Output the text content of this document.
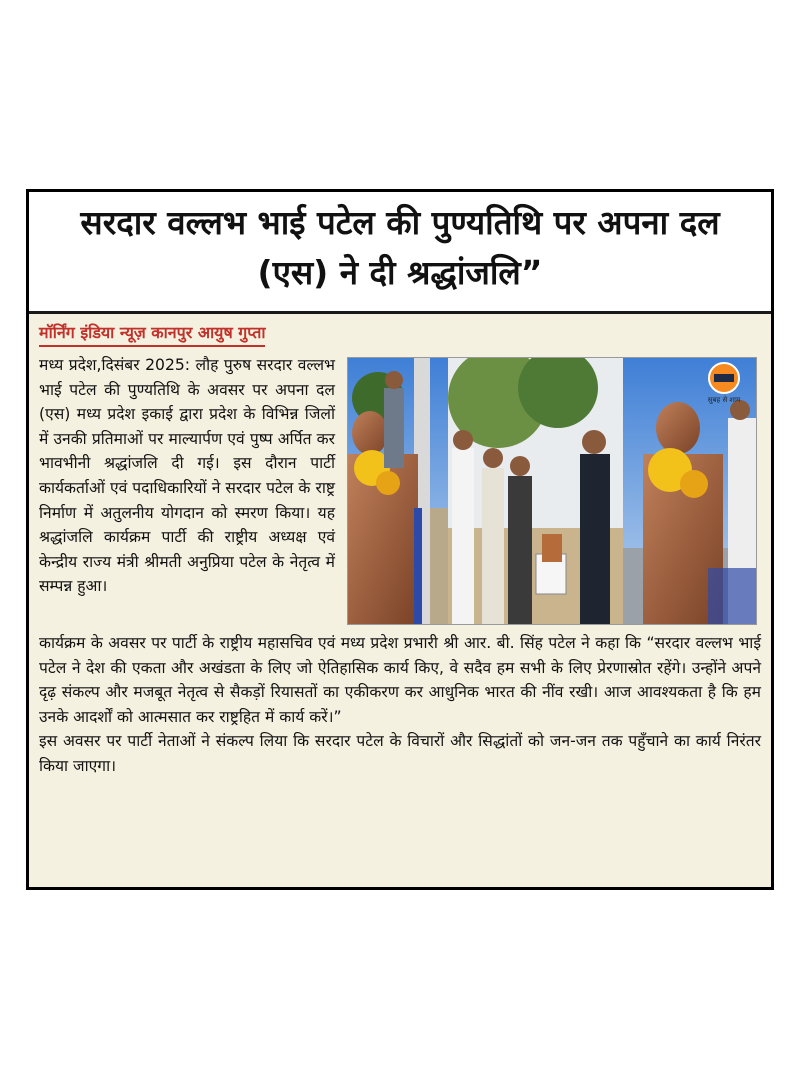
सरदार वल्लभ भाई पटेल की पुण्यतिथि पर अपना दल (एस) ने दी श्रद्धांजलि”
मॉर्निंग इंडिया न्यूज़ कानपुर आयुष गुप्ता
सुबह से शाम

मध्य प्रदेश,दिसंबर 2025: लौह पुरुष सरदार वल्लभ भाई पटेल की पुण्यतिथि के अवसर पर अपना दल (एस) मध्य प्रदेश इकाई द्वारा प्रदेश के विभिन्न जिलों में उनकी प्रतिमाओं पर माल्यार्पण एवं पुष्प अर्पित कर भावभीनी श्रद्धांजलि दी गई। इस दौरान पार्टी कार्यकर्ताओं एवं पदाधिकारियों ने सरदार पटेल के राष्ट्र निर्माण में अतुलनीय योगदान को स्मरण किया। यह श्रद्धांजलि कार्यक्रम पार्टी की राष्ट्रीय अध्यक्ष एवं केन्द्रीय राज्य मंत्री श्रीमती अनुप्रिया पटेल के नेतृत्व में सम्पन्न हुआ।

कार्यक्रम के अवसर पर पार्टी के राष्ट्रीय महासचिव एवं मध्य प्रदेश प्रभारी श्री आर. बी. सिंह पटेल ने कहा कि “सरदार वल्लभ भाई पटेल ने देश की एकता और अखंडता के लिए जो ऐतिहासिक कार्य किए, वे सदैव हम सभी के लिए प्रेरणास्रोत रहेंगे। उन्होंने अपने दृढ़ संकल्प और मजबूत नेतृत्व से सैकड़ों रियासतों का एकीकरण कर आधुनिक भारत की नींव रखी। आज आवश्यकता है कि हम उनके आदर्शों को आत्मसात कर राष्ट्रहित में कार्य करें।”

इस अवसर पर पार्टी नेताओं ने संकल्प लिया कि सरदार पटेल के विचारों और सिद्धांतों को जन-जन तक पहुँचाने का कार्य निरंतर किया जाएगा।
